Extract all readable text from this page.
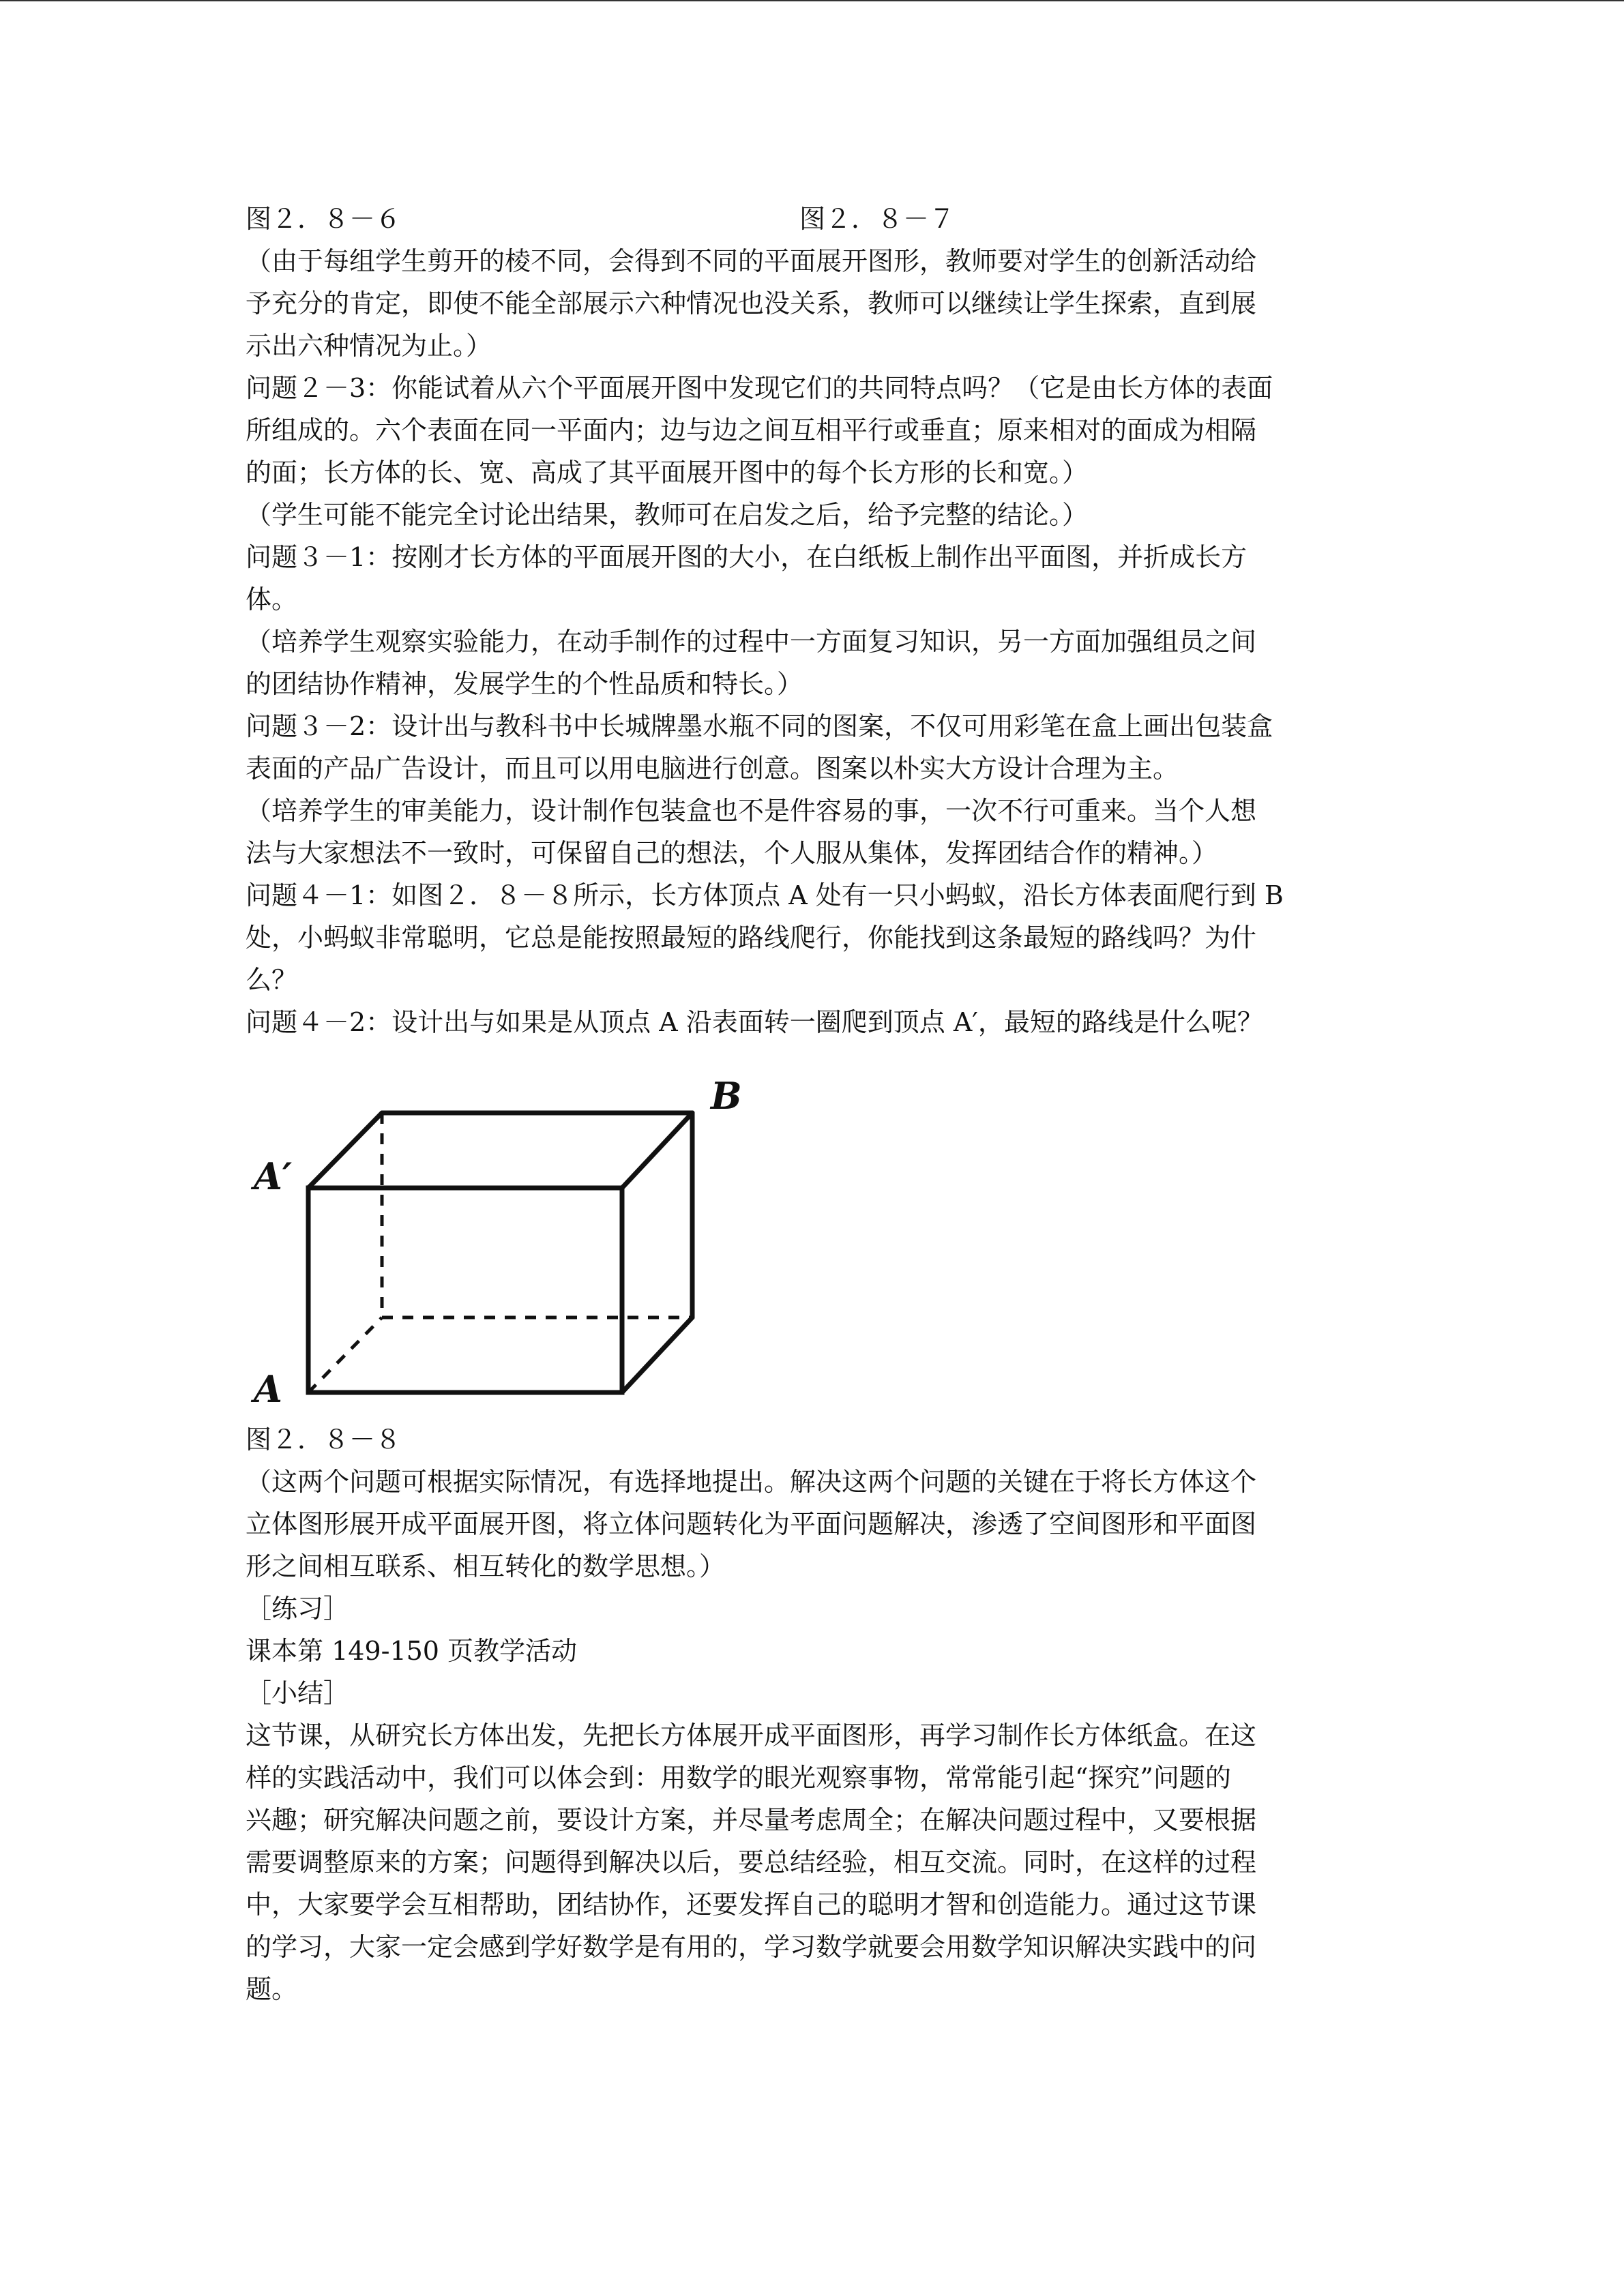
图２．８－６	图２．８－７
（由于每组学生剪开的棱不同，会得到不同的平面展开图形，教师要对学生的创新活动给
予充分的肯定，即使不能全部展示六种情况也没关系，教师可以继续让学生探索，直到展
示出六种情况为止。）
问题２－3：你能试着从六个平面展开图中发现它们的共同特点吗？（它是由长方体的表面
所组成的。六个表面在同一平面内；边与边之间互相平行或垂直；原来相对的面成为相隔
的面；长方体的长、宽、高成了其平面展开图中的每个长方形的长和宽。）
（学生可能不能完全讨论出结果，教师可在启发之后，给予完整的结论。）
问题３－1：按刚才长方体的平面展开图的大小，在白纸板上制作出平面图，并折成长方
体。
（培养学生观察实验能力，在动手制作的过程中一方面复习知识，另一方面加强组员之间
的团结协作精神，发展学生的个性品质和特长。）
问题３－2：设计出与教科书中长城牌墨水瓶不同的图案，不仅可用彩笔在盒上画出包装盒
表面的产品广告设计，而且可以用电脑进行创意。图案以朴实大方设计合理为主。
（培养学生的审美能力，设计制作包装盒也不是件容易的事，一次不行可重来。当个人想
法与大家想法不一致时，可保留自己的想法，个人服从集体，发挥团结合作的精神。）
问题４－1：如图２．８－８所示，长方体顶点 A 处有一只小蚂蚁，沿长方体表面爬行到 B
处，小蚂蚁非常聪明，它总是能按照最短的路线爬行，你能找到这条最短的路线吗？为什
么？
问题４－2：设计出与如果是从顶点 A 沿表面转一圈爬到顶点 A′，最短的路线是什么呢？
B
A′
A
图２．８－８
（这两个问题可根据实际情况，有选择地提出。解决这两个问题的关键在于将长方体这个
立体图形展开成平面展开图，将立体问题转化为平面问题解决，渗透了空间图形和平面图
形之间相互联系、相互转化的数学思想。）
［练习］
课本第 149-150 页教学活动
［小结］
这节课，从研究长方体出发，先把长方体展开成平面图形，再学习制作长方体纸盒。在这
样的实践活动中，我们可以体会到：用数学的眼光观察事物，常常能引起“探究”问题的
兴趣；研究解决问题之前，要设计方案，并尽量考虑周全；在解决问题过程中，又要根据
需要调整原来的方案；问题得到解决以后，要总结经验，相互交流。同时，在这样的过程
中，大家要学会互相帮助，团结协作，还要发挥自己的聪明才智和创造能力。通过这节课
的学习，大家一定会感到学好数学是有用的，学习数学就要会用数学知识解决实践中的问
题。
